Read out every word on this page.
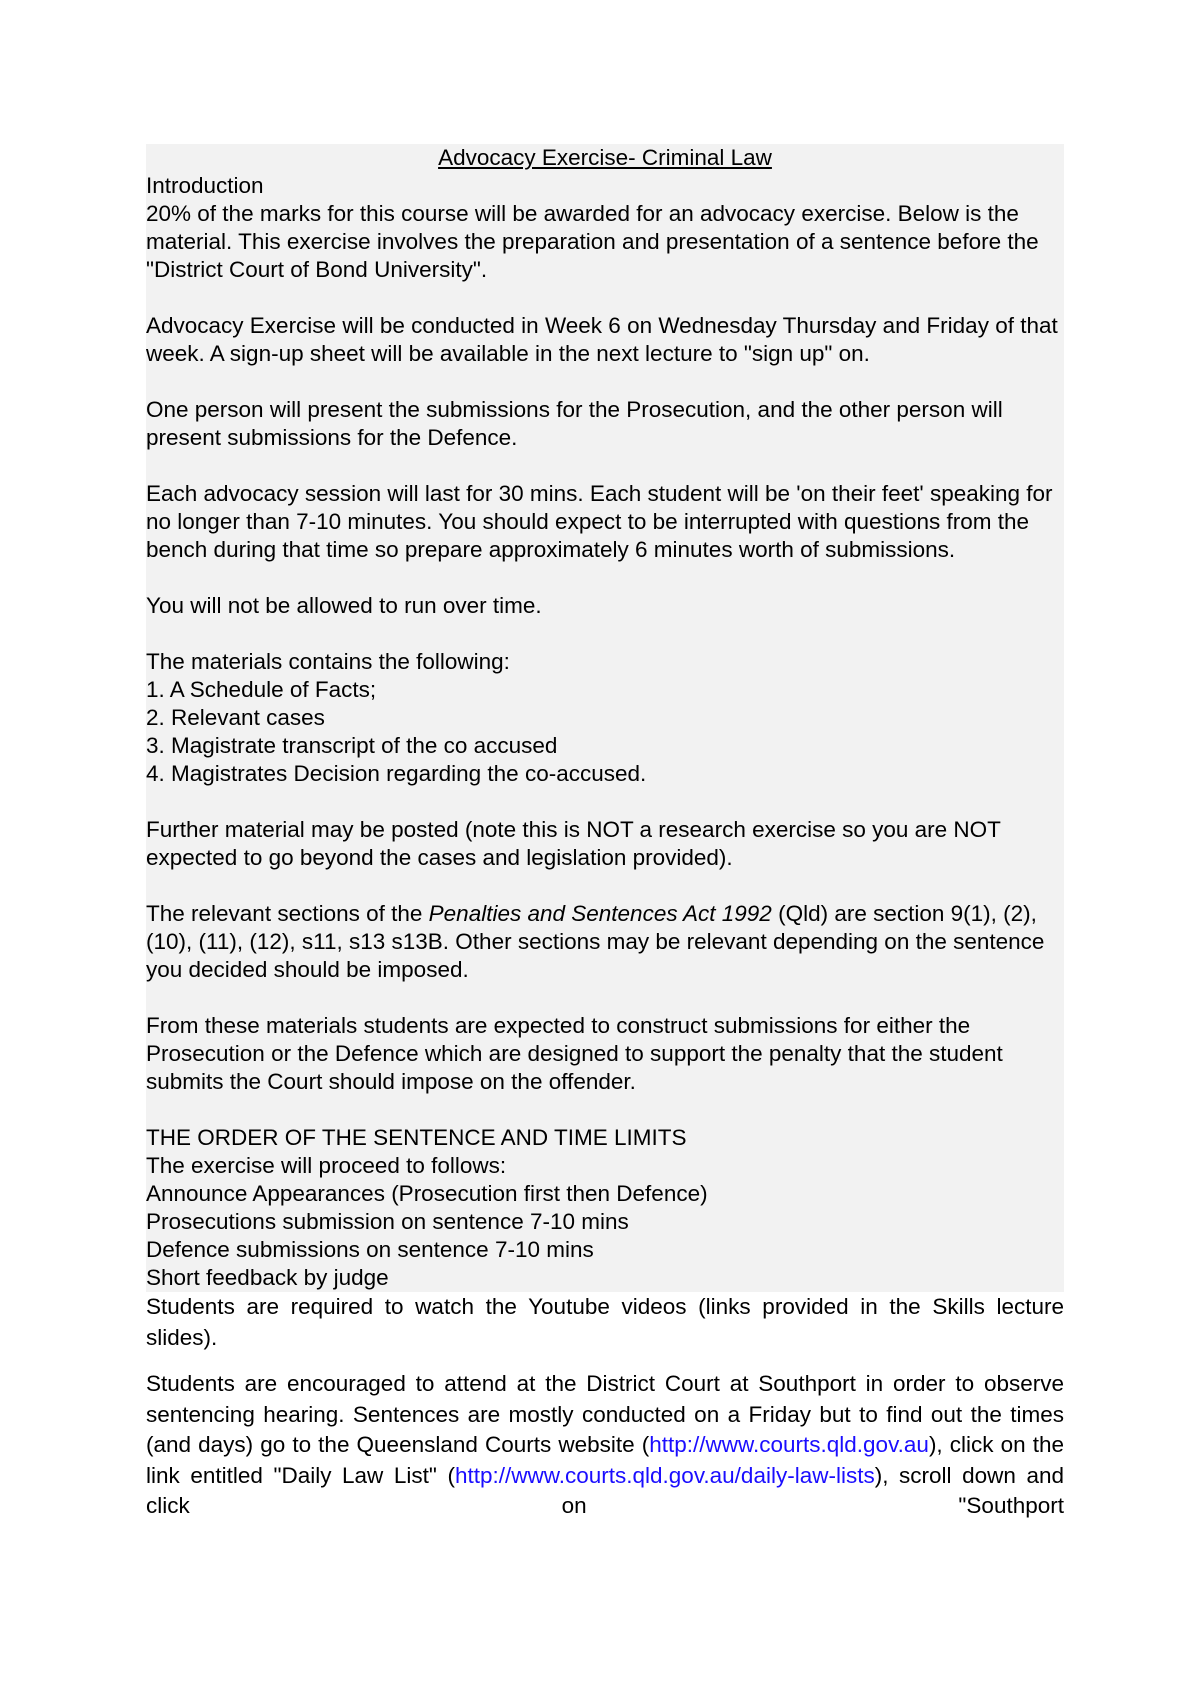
Advocacy Exercise- Criminal Law

Introduction

20% of the marks for this course will be awarded for an advocacy exercise. Below is the material. This exercise involves the preparation and presentation of a sentence before the "District Court of Bond University".

Advocacy Exercise will be conducted in Week 6 on Wednesday Thursday and Friday of that week. A sign-up sheet will be available in the next lecture to "sign up" on.

One person will present the submissions for the Prosecution, and the other person will present submissions for the Defence.

Each advocacy session will last for 30 mins. Each student will be 'on their feet' speaking for no longer than 7-10 minutes. You should expect to be interrupted with questions from the bench during that time so prepare approximately 6 minutes worth of submissions.

You will not be allowed to run over time.

The materials contains the following:

1. A Schedule of Facts;
2. Relevant cases
3. Magistrate transcript of the co accused
4. Magistrates Decision regarding the co-accused.

Further material may be posted (note this is NOT a research exercise so you are NOT expected to go beyond the cases and legislation provided).

The relevant sections of the Penalties and Sentences Act 1992 (Qld) are section 9(1), (2), (10), (11), (12), s11, s13 s13B. Other sections may be relevant depending on the sentence you decided should be imposed.

From these materials students are expected to construct submissions for either the Prosecution or the Defence which are designed to support the penalty that the student submits the Court should impose on the offender.

THE ORDER OF THE SENTENCE AND TIME LIMITS

The exercise will proceed to follows:

Announce Appearances (Prosecution first then Defence)
Prosecutions submission on sentence 7-10 mins
Defence submissions on sentence 7-10 mins
Short feedback by judge

Students are required to watch the Youtube videos (links provided in the Skills lecture slides).

Students are encouraged to attend at the District Court at Southport in order to observe sentencing hearing. Sentences are mostly conducted on a Friday but to find out the times (and days) go to the Queensland Courts website (http://www.courts.qld.gov.au), click on the link entitled "Daily Law List" (http://www.courts.qld.gov.au/daily-law-lists), scroll down and click on "Southport
